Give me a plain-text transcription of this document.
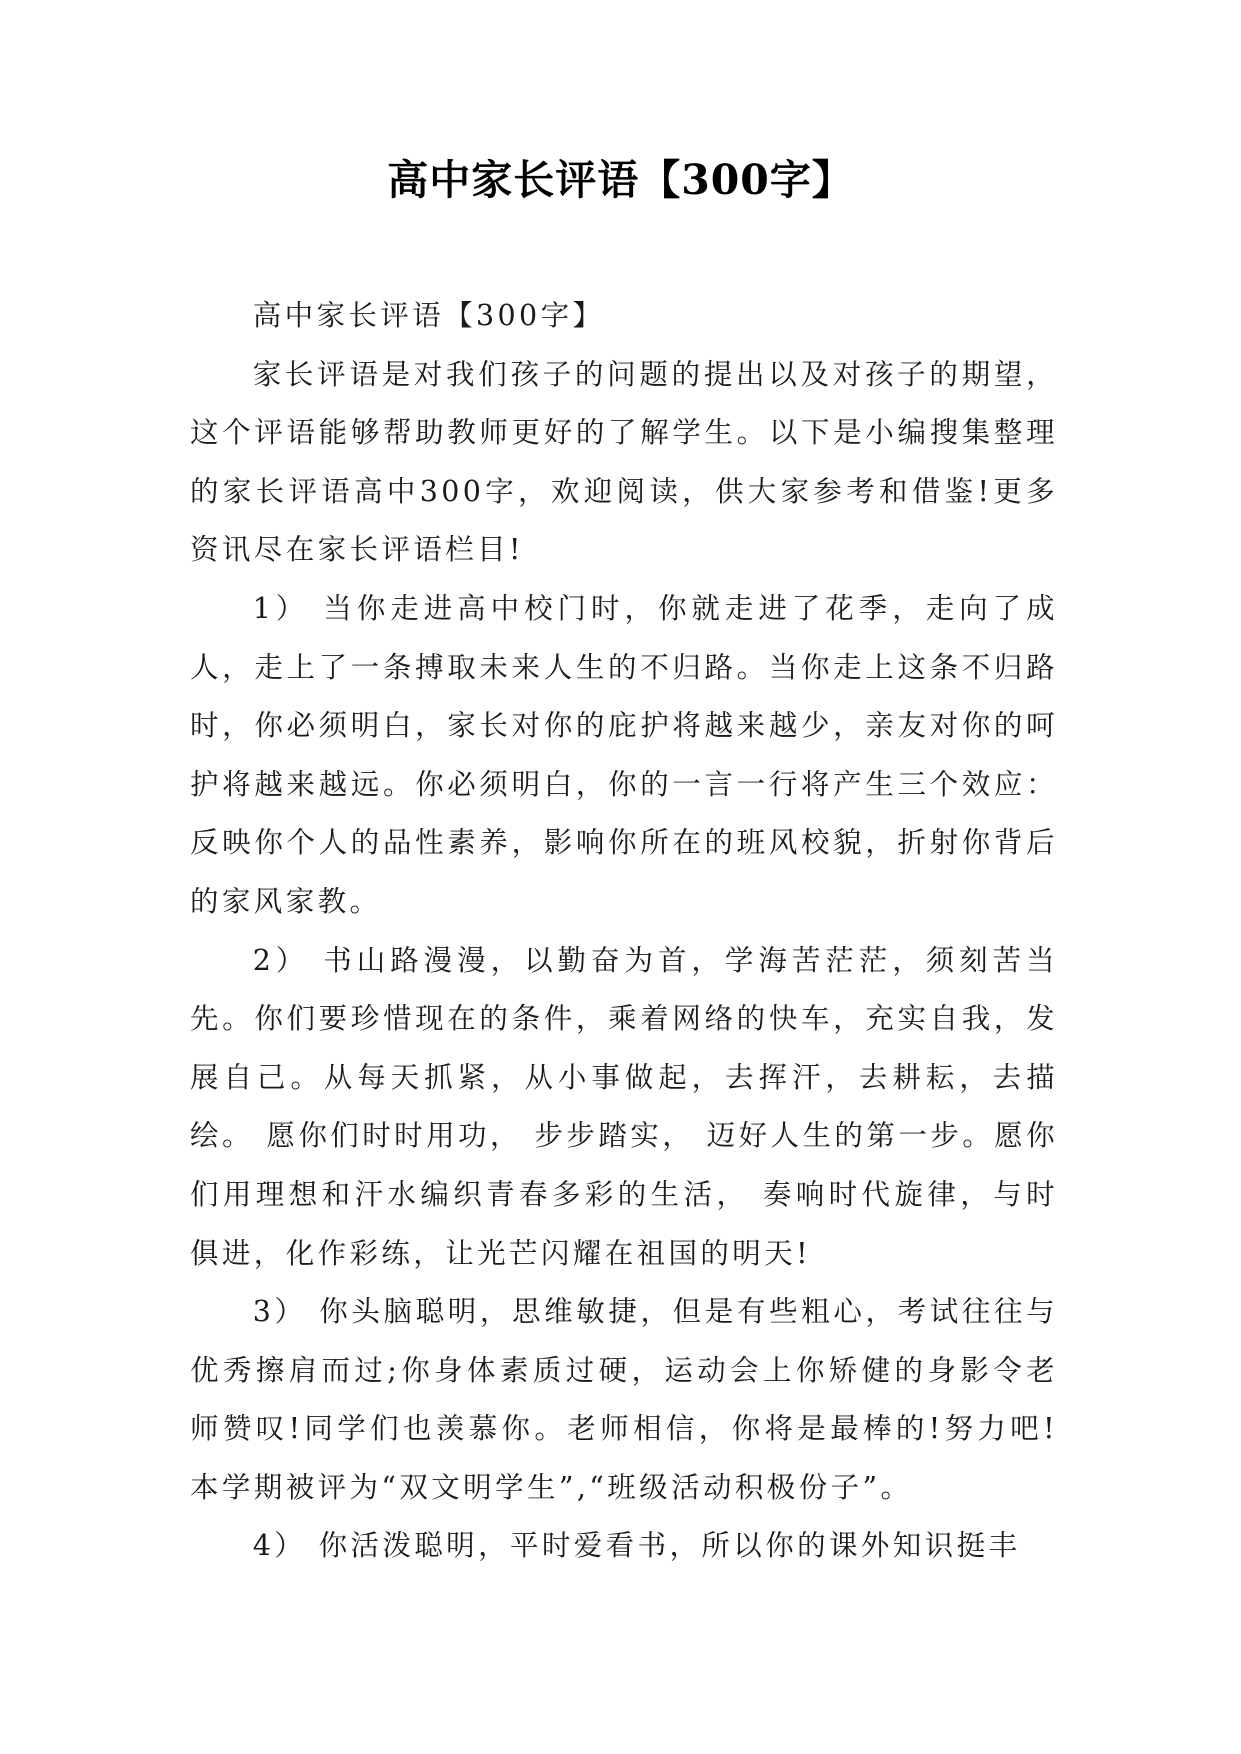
高中家长评语【300字】

高中家长评语【300字】

家长评语是对我们孩子的问题的提出以及对孩子的期望，这个评语能够帮助教师更好的了解学生。以下是小编搜集整理的家长评语高中300字，欢迎阅读，供大家参考和借鉴!更多资讯尽在家长评语栏目!

1） 当你走进高中校门时，你就走进了花季，走向了成人，走上了一条搏取未来人生的不归路。当你走上这条不归路时，你必须明白，家长对你的庇护将越来越少，亲友对你的呵护将越来越远。你必须明白，你的一言一行将产生三个效应：反映你个人的品性素养，影响你所在的班风校貌，折射你背后的家风家教。

2） 书山路漫漫，以勤奋为首，学海苦茫茫，须刻苦当先。你们要珍惜现在的条件，乘着网络的快车，充实自我，发展自己。从每天抓紧，从小事做起，去挥汗，去耕耘，去描绘。 愿你们时时用功， 步步踏实， 迈好人生的第一步。愿你们用理想和汗水编织青春多彩的生活， 奏响时代旋律，与时俱进，化作彩练，让光芒闪耀在祖国的明天!

3） 你头脑聪明，思维敏捷，但是有些粗心，考试往往与优秀擦肩而过;你身体素质过硬，运动会上你矫健的身影令老师赞叹!同学们也羡慕你。老师相信，你将是最棒的!努力吧!本学期被评为“双文明学生”,“班级活动积极份子”。

4） 你活泼聪明，平时爱看书，所以你的课外知识挺丰
